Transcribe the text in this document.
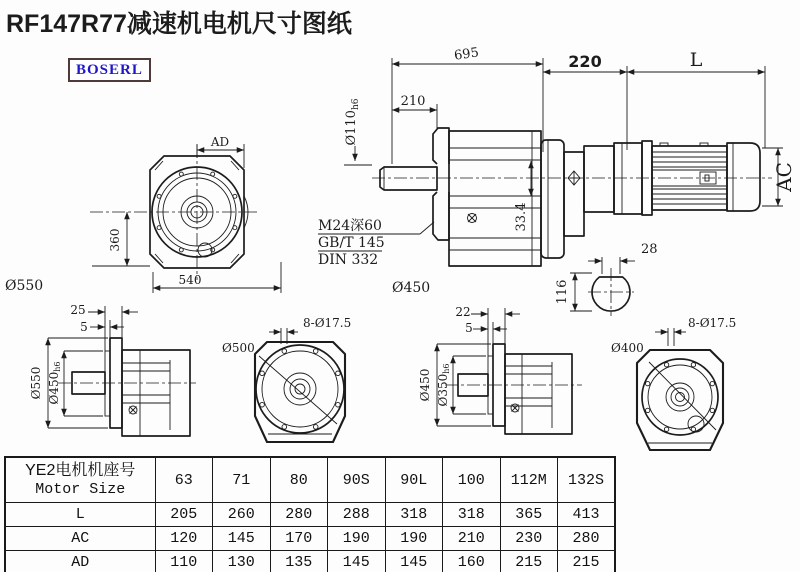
RF147R77减速机电机尺寸图纸
BOSERL
AD
360
540
Ø550
695	220	L
210
$Ø110_{h6}$
33.4
AC
M24深60
GB/T 145
DIN 332
Ø450
28
116
25
5
Ø550 Ø450h6
Ø500
8-Ø17.5
22
5
Ø450 Ø350h6
Ø400
8-Ø17.5
YE2电机机座号
Motor Size	63	71	80	90S	90L	100	112M	132S
L	205	260	280	288	318	318	365	413
AC	120	145	170	190	190	210	230	280
AD	110	130	135	145	145	160	215	215
